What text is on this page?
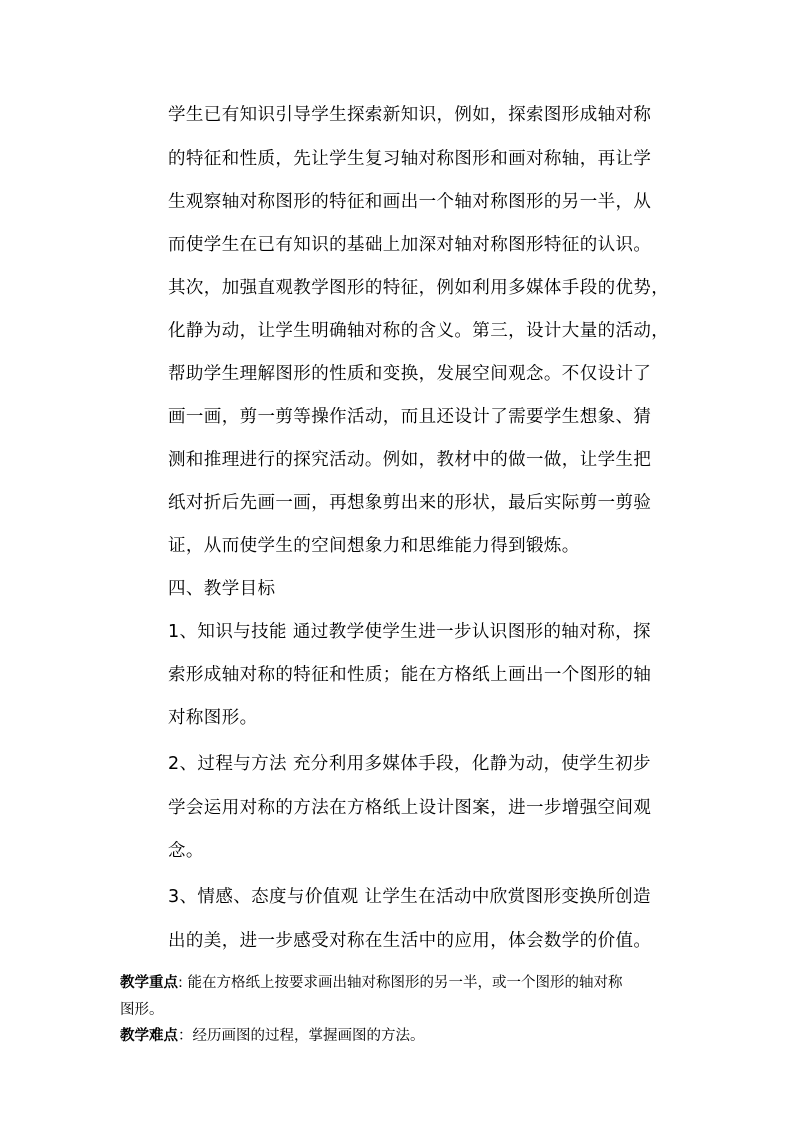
学生已有知识引导学生探索新知识，例如，探索图形成轴对称
的特征和性质，先让学生复习轴对称图形和画对称轴，再让学
生观察轴对称图形的特征和画出一个轴对称图形的另一半，从
而使学生在已有知识的基础上加深对轴对称图形特征的认识。
其次，加强直观教学图形的特征，例如利用多媒体手段的优势，
化静为动，让学生明确轴对称的含义。第三，设计大量的活动，
帮助学生理解图形的性质和变换，发展空间观念。不仅设计了
画一画，剪一剪等操作活动，而且还设计了需要学生想象、猜
测和推理进行的探究活动。例如，教材中的做一做，让学生把
纸对折后先画一画，再想象剪出来的形状，最后实际剪一剪验
证，从而使学生的空间想象力和思维能力得到锻炼。
四、教学目标
1、知识与技能 通过教学使学生进一步认识图形的轴对称，探
索形成轴对称的特征和性质；能在方格纸上画出一个图形的轴
对称图形。
2、过程与方法 充分利用多媒体手段，化静为动，使学生初步
学会运用对称的方法在方格纸上设计图案，进一步增强空间观
念。
3、情感、态度与价值观 让学生在活动中欣赏图形变换所创造
出的美，进一步感受对称在生活中的应用，体会数学的价值。
教学重点: 能在方格纸上按要求画出轴对称图形的另一半，或一个图形的轴对称
图形。
教学难点：经历画图的过程，掌握画图的方法。
